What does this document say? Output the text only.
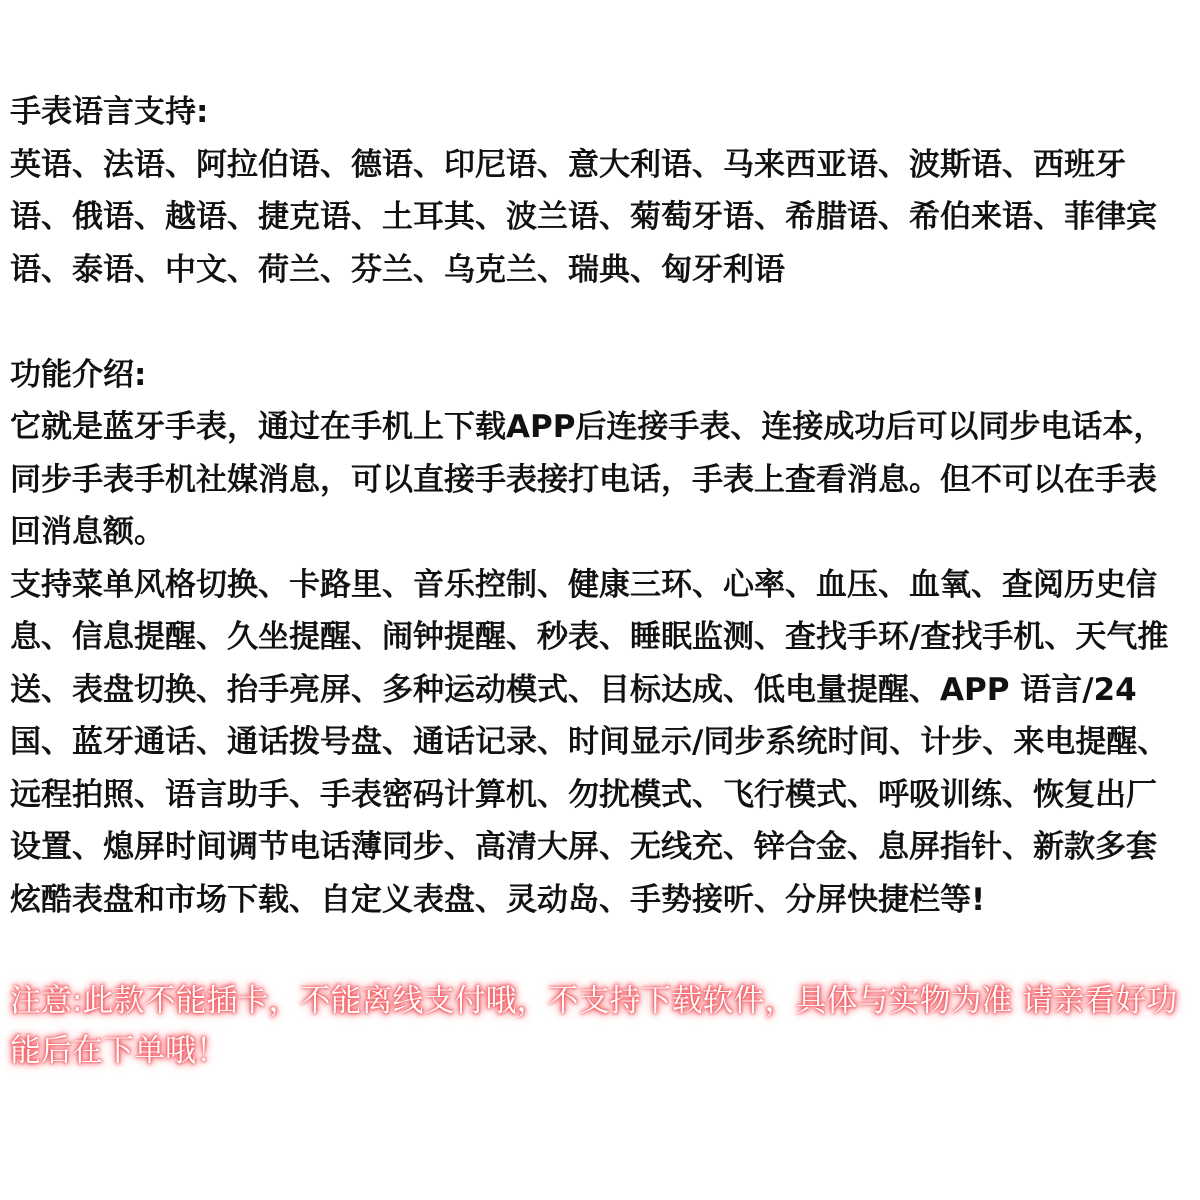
手表语言支持:

英语、法语、阿拉伯语、德语、印尼语、意大利语、马来西亚语、波斯语、西班牙语、俄语、越语、捷克语、土耳其、波兰语、菊萄牙语、希腊语、希伯来语、菲律宾语、泰语、中文、荷兰、芬兰、乌克兰、瑞典、匈牙利语

功能介绍:

它就是蓝牙手表，通过在手机上下载APP后连接手表、连接成功后可以同步电话本，同步手表手机社媒消息，可以直接手表接打电话，手表上查看消息。但不可以在手表回消息额。

支持菜单风格切换、卡路里、音乐控制、健康三环、心率、血压、血氧、查阅历史信息、信息提醒、久坐提醒、闹钟提醒、秒表、睡眠监测、查找手环/查找手机、天气推送、表盘切换、抬手亮屏、多种运动模式、目标达成、低电量提醒、APP 语言/24国、蓝牙通话、通话拨号盘、通话记录、时间显示/同步系统时间、计步、来电提醒、远程拍照、语言助手、手表密码计算机、勿扰模式、飞行模式、呼吸训练、恢复出厂设置、熄屏时间调节电话薄同步、高清大屏、无线充、锌合金、息屏指针、新款多套炫酷表盘和市场下载、自定义表盘、灵动岛、手势接听、分屏快捷栏等!

注意:此款不能插卡，不能离线支付哦，不支持下载软件，具体与实物为准 请亲看好功能后在下单哦！
